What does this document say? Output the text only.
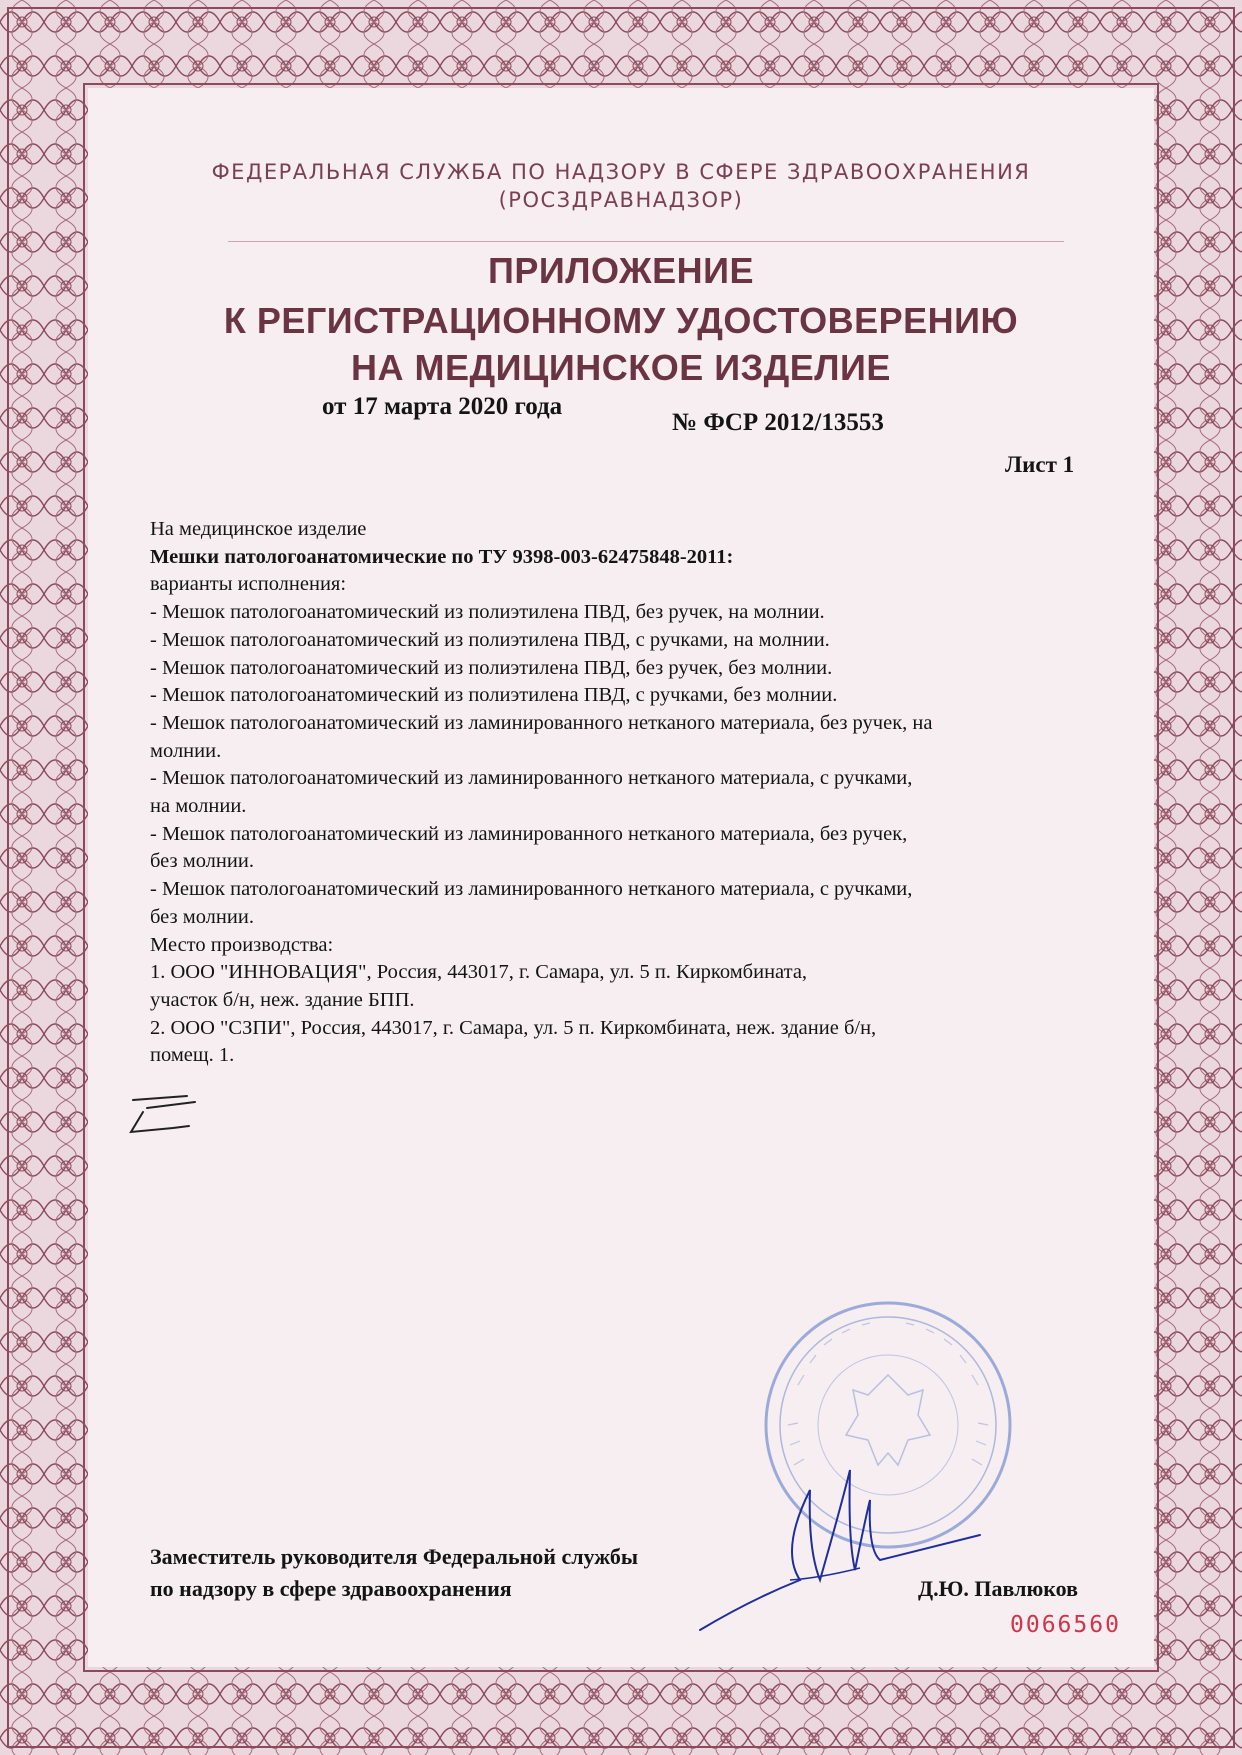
ФЕДЕРАЛЬНАЯ СЛУЖБА ПО НАДЗОРУ В СФЕРЕ ЗДРАВООХРАНЕНИЯ
(РОСЗДРАВНАДЗОР)
ПРИЛОЖЕНИЕ
К РЕГИСТРАЦИОННОМУ УДОСТОВЕРЕНИЮ
НА МЕДИЦИНСКОЕ ИЗДЕЛИЕ
от 17 марта 2020 года
№ ФСР 2012/13553
Лист 1
На медицинское изделие
Мешки патологоанатомические по ТУ 9398-003-62475848-2011:
варианты исполнения:
- Мешок патологоанатомический из полиэтилена ПВД, без ручек, на молнии.
- Мешок патологоанатомический из полиэтилена ПВД, с ручками, на молнии.
- Мешок патологоанатомический из полиэтилена ПВД, без ручек, без молнии.
- Мешок патологоанатомический из полиэтилена ПВД, с ручками, без молнии.
- Мешок патологоанатомический из ламинированного нетканого материала, без ручек, на
молнии.
- Мешок патологоанатомический из ламинированного нетканого материала, с ручками,
на молнии.
- Мешок патологоанатомический из ламинированного нетканого материала, без ручек,
без молнии.
- Мешок патологоанатомический из ламинированного нетканого материала, с ручками,
без молнии.
Место производства:
1. ООО "ИННОВАЦИЯ", Россия, 443017, г. Самара, ул. 5 п. Киркомбината,
участок б/н, неж. здание БПП.
2. ООО "СЗПИ", Россия, 443017, г. Самара, ул. 5 п. Киркомбината, неж. здание б/н,
помещ. 1.
Заместитель руководителя Федеральной службы
по надзору в сфере здравоохранения	Д.Ю. Павлюков
0066560
